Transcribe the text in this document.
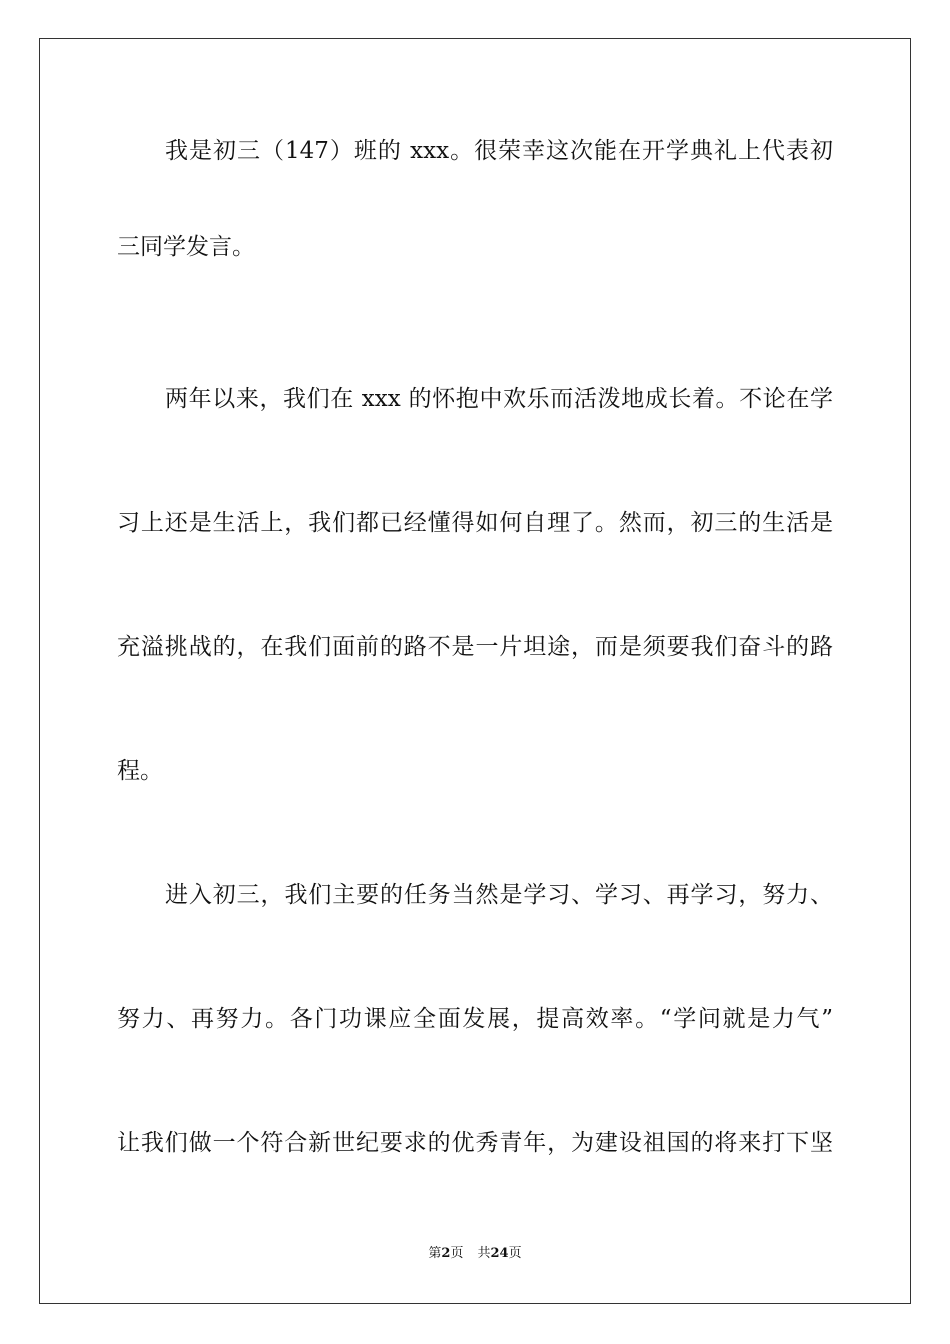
我是初三（147）班的 xxx。很荣幸这次能在开学典礼上代表初
三同学发言。
两年以来，我们在 xxx 的怀抱中欢乐而活泼地成长着。不论在学
习上还是生活上，我们都已经懂得如何自理了。然而，初三的生活是
充溢挑战的，在我们面前的路不是一片坦途，而是须要我们奋斗的路
程。
进入初三，我们主要的任务当然是学习、学习、再学习，努力、
努力、再努力。各门功课应全面发展，提高效率。“学问就是力气”
让我们做一个符合新世纪要求的优秀青年，为建设祖国的将来打下坚
第2页 共24页
